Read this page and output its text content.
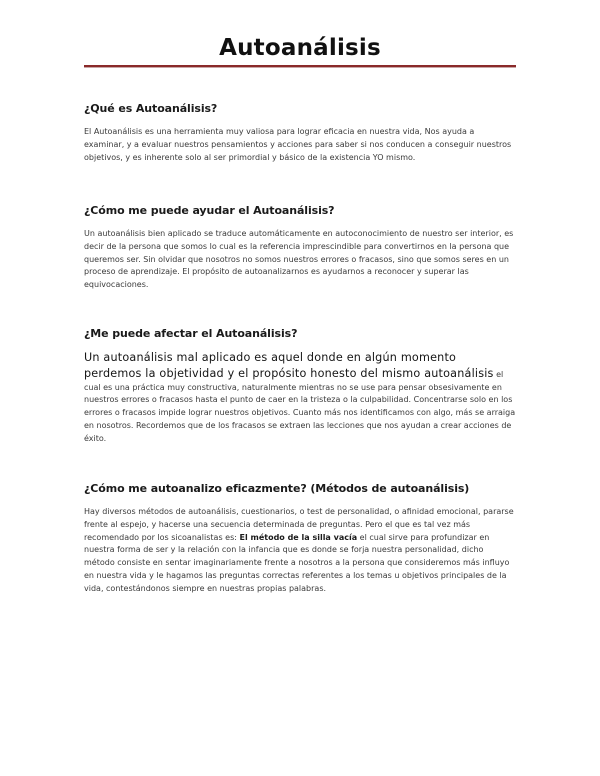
Autoanálisis
¿Qué es Autoanálisis?

El Autoanálisis es una herramienta muy valiosa para lograr eficacia en nuestra vida, Nos ayuda a examinar, y a evaluar nuestros pensamientos y acciones para saber si nos conducen a conseguir nuestros objetivos, y es inherente solo al ser primordial y básico de la existencia YO mismo.

¿Cómo me puede ayudar el Autoanálisis?

Un autoanálisis bien aplicado se traduce automáticamente en autoconocimiento de nuestro ser interior, es decir de la persona que somos lo cual es la referencia imprescindible para convertirnos en la persona que queremos ser. Sin olvidar que nosotros no somos nuestros errores o fracasos, sino que somos seres en un proceso de aprendizaje. El propósito de autoanalizarnos es ayudarnos a reconocer y superar las equivocaciones.

¿Me puede afectar el Autoanálisis?

Un autoanálisis mal aplicado es aquel donde en algún momento perdemos la objetividad y el propósito honesto del mismo autoanálisis el cual es una práctica muy constructiva, naturalmente mientras no se use para pensar obsesivamente en nuestros errores o fracasos hasta el punto de caer en la tristeza o la culpabilidad. Concentrarse solo en los errores o fracasos impide lograr nuestros objetivos. Cuanto más nos identificamos con algo, más se arraiga en nosotros. Recordemos que de los fracasos se extraen las lecciones que nos ayudan a crear acciones de éxito.

¿Cómo me autoanalizo eficazmente? (Métodos de autoanálisis)

Hay diversos métodos de autoanálisis, cuestionarios, o test de personalidad, o afinidad emocional, pararse frente al espejo, y hacerse una secuencia determinada de preguntas. Pero el que es tal vez más recomendado por los sicoanalistas es: El método de la silla vacía el cual sirve para profundizar en nuestra forma de ser y la relación con la infancia que es donde se forja nuestra personalidad, dicho método consiste en sentar imaginariamente frente a nosotros a la persona que consideremos más influyo en nuestra vida y le hagamos las preguntas correctas referentes a los temas u objetivos principales de la vida, contestándonos siempre en nuestras propias palabras.
